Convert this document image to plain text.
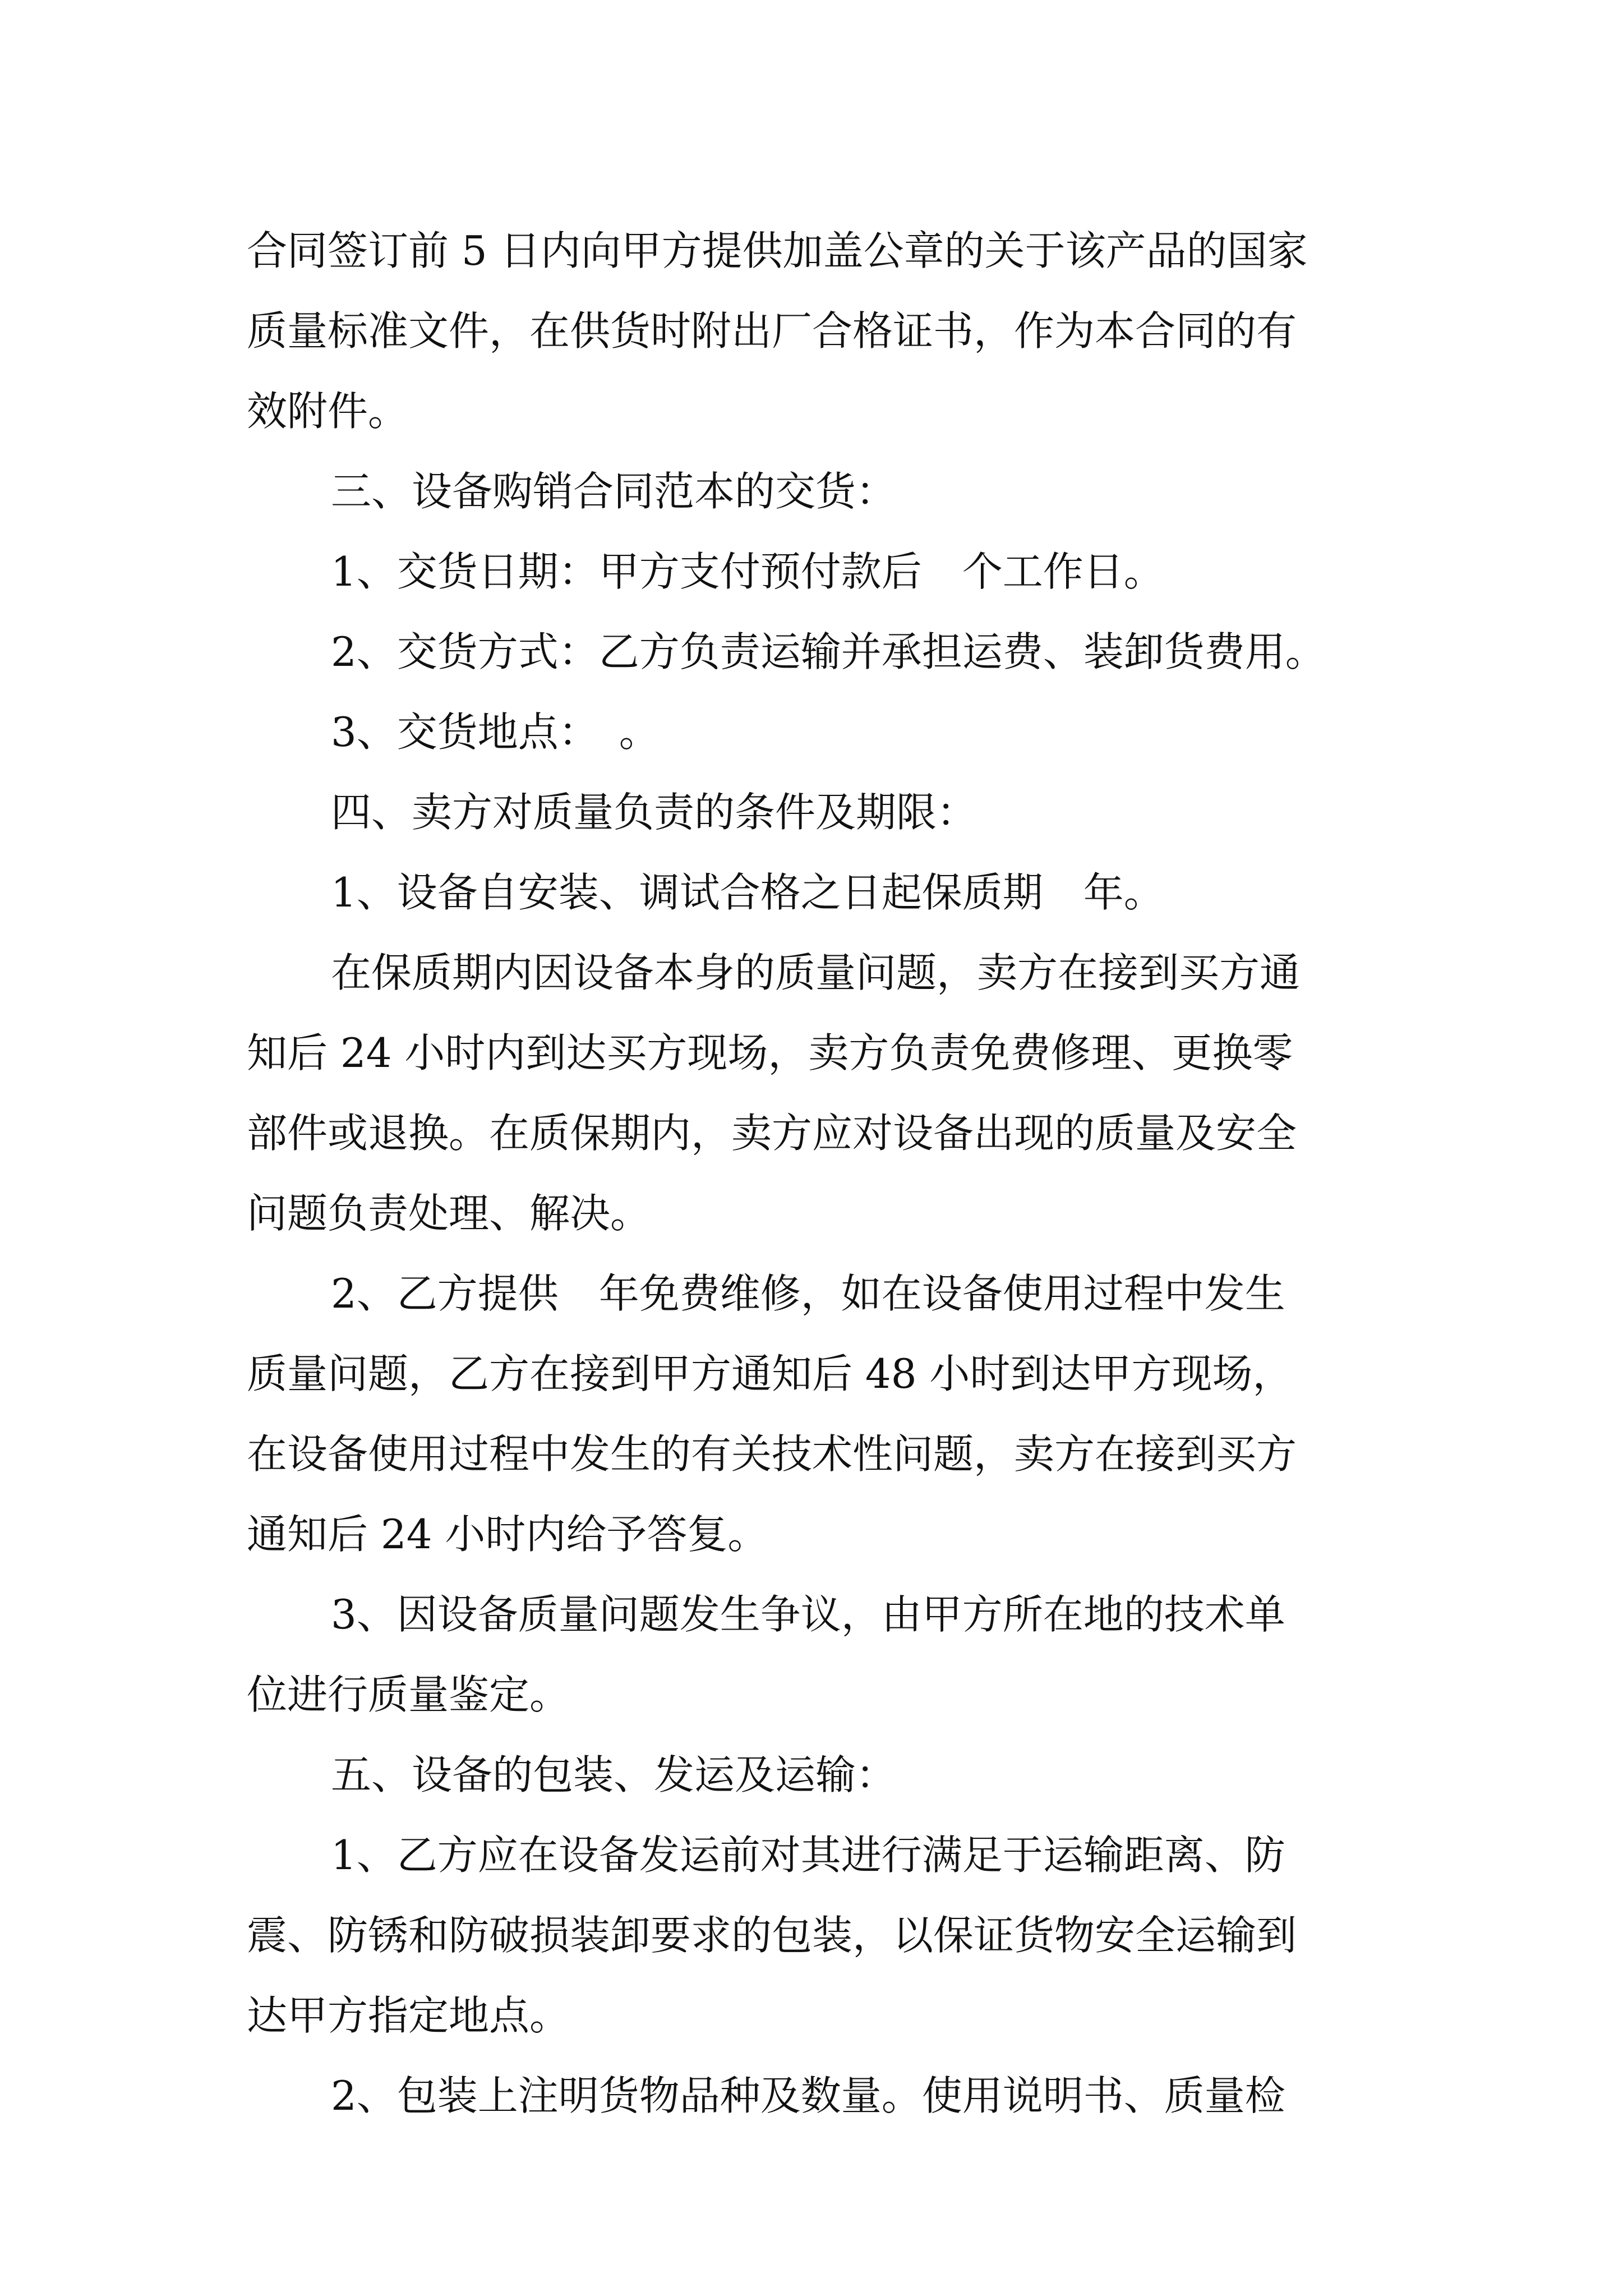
合同签订前 5 日内向甲方提供加盖公章的关于该产品的国家
质量标准文件，在供货时附出厂合格证书，作为本合同的有
效附件。
三、设备购销合同范本的交货：
1、交货日期：甲方支付预付款后　个工作日。
2、交货方式：乙方负责运输并承担运费、装卸货费用。
3、交货地点：　。
四、卖方对质量负责的条件及期限：
1、设备自安装、调试合格之日起保质期　年。
在保质期内因设备本身的质量问题，卖方在接到买方通
知后 24 小时内到达买方现场，卖方负责免费修理、更换零
部件或退换。在质保期内，卖方应对设备出现的质量及安全
问题负责处理、解决。
2、乙方提供　年免费维修，如在设备使用过程中发生
质量问题，乙方在接到甲方通知后 48 小时到达甲方现场，
在设备使用过程中发生的有关技术性问题，卖方在接到买方
通知后 24 小时内给予答复。
3、因设备质量问题发生争议，由甲方所在地的技术单
位进行质量鉴定。
五、设备的包装、发运及运输：
1、乙方应在设备发运前对其进行满足于运输距离、防
震、防锈和防破损装卸要求的包装，以保证货物安全运输到
达甲方指定地点。
2、包装上注明货物品种及数量。使用说明书、质量检
